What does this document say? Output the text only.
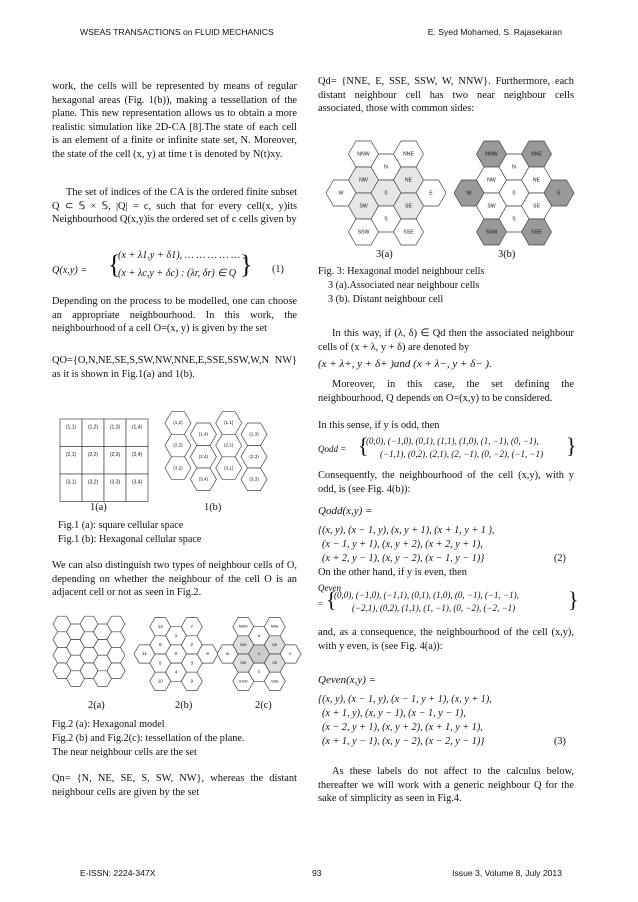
WSEAS TRANSACTIONS on FLUID MECHANICS	E. Syed Mohamed, S. Rajasekaran

work, the cells will be represented by means of regular hexagonal areas (Fig. 1(b)), making a tessellation of the plane. This new representation allows us to obtain a more realistic simulation like 2D-CA [8].The state of each cell is an element of a finite or infinite state set, N. Moreover, the state of the cell (x, y) at time t is denoted by N(t)xy.

The set of indices of the CA is the ordered finite subset Q ⊂ 𝕊 × 𝕊, |Q| = c, such that for every cell(x, y)its Neighbourhood Q(x,y)is the ordered set of c cells given by

Q(x,y) = {
(x + λ1,y + δ1), … … … … … ,
(x + λc,y + δc) : (λr, δr) ∈ Q } (1)

Depending on the process to be modelled, one can choose an appropriate neighbourhood. In this work, the neighbourhood of a cell O=(x, y) is given by the set

QO={O,N,NE,SE,S,SW,NW,NNE,E,SSE,SSW,W,N NW} as it is shown in Fig.1(a) and 1(b).

(1,1) (1,2) (1,3) (1,4)
(2,1) (2,2) (2,3) (2,4)
(3,1) (3,2) (3,3) (3,4)
(1,2)
(1,4)
(1,1)
(1,3)
(2,2)
(2,4)
(2,1)
(2,3)
(3,2)
(3,4)
(3,1)
(3,3)
1(a)	1(b)

Fig.1 (a): square cellular space

Fig.1 (b): Hexagonal cellular space

We can also distinguish two types of neighbour cells of O, depending on whether the neighbour of the cell O is an adjacent cell or not as seen in Fig.2.

12	7
1
6	2
11	0	8
5	3
4
10	9
NNW	NNE
N
NW	NE
W	0	E
SW	SE
S
SSW	SSE
2(a)	2(b)	2(c)

Fig.2 (a): Hexagonal model

Fig.2 (b) and Fig.2(c): tessellation of the plane.

The near neighbour cells are the set

Qn= {N, NE, SE, S, SW, NW}, whereas the distant neighbour cells are given by the set

Qd= {NNE, E, SSE, SSW, W, NNW}. Furthermore, each distant neighbour cell has two near neighbour cells associated, those with common sides:

NNW	NNE
N
NW	NE
W	0	E
SW	SE
S
SSW	SSE
NNW	NNE
N
NW	NE
W	0	E
SW	SE
S
SSW	SSE
3(a)	3(b)

Fig. 3: Hexagonal model neighbour cells

3 (a).Associated near neighbour cells

3 (b). Distant neighbour cell

In this way, if (λ, δ) ∈ Qd then the associated neighbour cells of (x + λ, y + δ) are denoted by

(x + λ+, y + δ+ )and (x + λ−, y + δ− ).

Moreover, in this case, the set defining the neighbourhood, Q depends on O=(x,y) to be considered.

In this sense, if y is odd, then

Qodd = {
(0,0), (−1,0), (0,1), (1,1), (1,0), (1, −1), (0, −1),
(−1,1), (0,2), (2,1), (2, −1), (0, −2), (−1, −1) }

Consequently, the neighbourhood of the cell (x,y), with y odd, is (see Fig. 4(b)):

Qodd(x,y) =
{(x, y), (x − 1, y), (x, y + 1), (x + 1, y + 1 ),
(x − 1, y + 1), (x, y + 2), (x + 2, y + 1),
(x + 2, y − 1), (x, y − 2), (x − 1, y − 1)}	(2)

On the other hand, if y is even, then

Qeven
= {
(0,0), (−1,0), (−1,1), (0,1), (1,0), (0, −1), (−1, −1),
(−2,1), (0,2), (1,1), (1, −1), (0, −2), (−2, −1) }

and, as a consequence, the neighbourhood of the cell (x,y), with y even, is (see Fig. 4(a)):

Qeven(x,y) =
{(x, y), (x − 1, y), (x − 1, y + 1), (x, y + 1),
(x + 1, y), (x, y − 1), (x − 1, y − 1),
(x − 2, y + 1), (x, y + 2), (x + 1, y + 1),
(x + 1, y − 1), (x, y − 2), (x − 2, y − 1)}	(3)

As these labels do not affect to the calculus below, thereafter we will work with a generic neighbour Q for the sake of simplicity as seen in Fig.4.

E-ISSN: 2224-347X	93	Issue 3, Volume 8, July 2013
